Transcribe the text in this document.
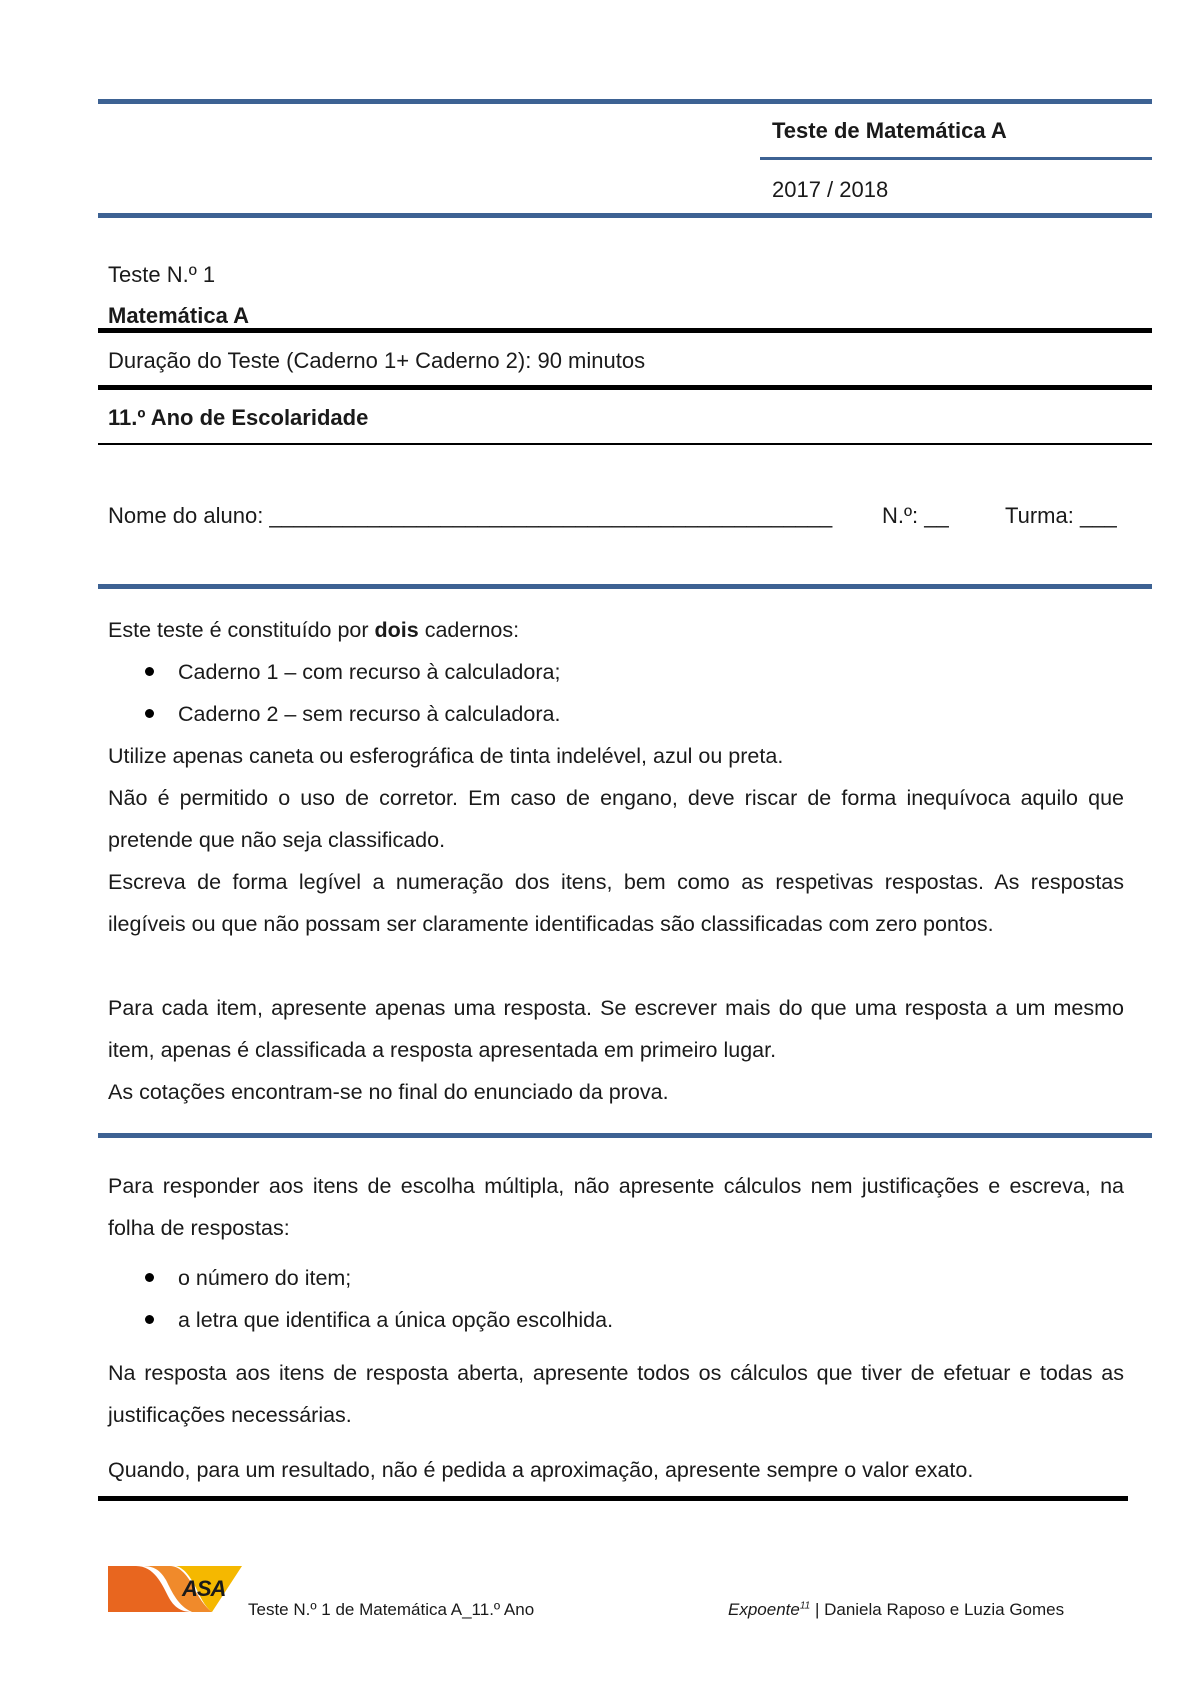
Teste de Matemática A
2017 / 2018
Teste N.º 1
Matemática A
Duração do Teste (Caderno 1+ Caderno 2): 90 minutos
11.º Ano de Escolaridade
Nome do aluno: ______________________________________________ N.º: __	Turma: ___
Este teste é constituído por dois cadernos:
Caderno 1 – com recurso à calculadora;
Caderno 2 – sem recurso à calculadora.
Utilize apenas caneta ou esferográfica de tinta indelével, azul ou preta.
Não é permitido o uso de corretor. Em caso de engano, deve riscar de forma inequívoca aquilo que pretende que não seja classificado.
Escreva de forma legível a numeração dos itens, bem como as respetivas respostas. As respostas ilegíveis ou que não possam ser claramente identificadas são classificadas com zero pontos.
Para cada item, apresente apenas uma resposta. Se escrever mais do que uma resposta a um mesmo item, apenas é classificada a resposta apresentada em primeiro lugar.
As cotações encontram-se no final do enunciado da prova.
Para responder aos itens de escolha múltipla, não apresente cálculos nem justificações e escreva, na folha de respostas:
o número do item;
a letra que identifica a única opção escolhida.
Na resposta aos itens de resposta aberta, apresente todos os cálculos que tiver de efetuar e todas as justificações necessárias.
Quando, para um resultado, não é pedida a aproximação, apresente sempre o valor exato.
ASA
Teste N.º 1 de Matemática A_11.º Ano	Expoente$^{11}$ | Daniela Raposo e Luzia Gomes
